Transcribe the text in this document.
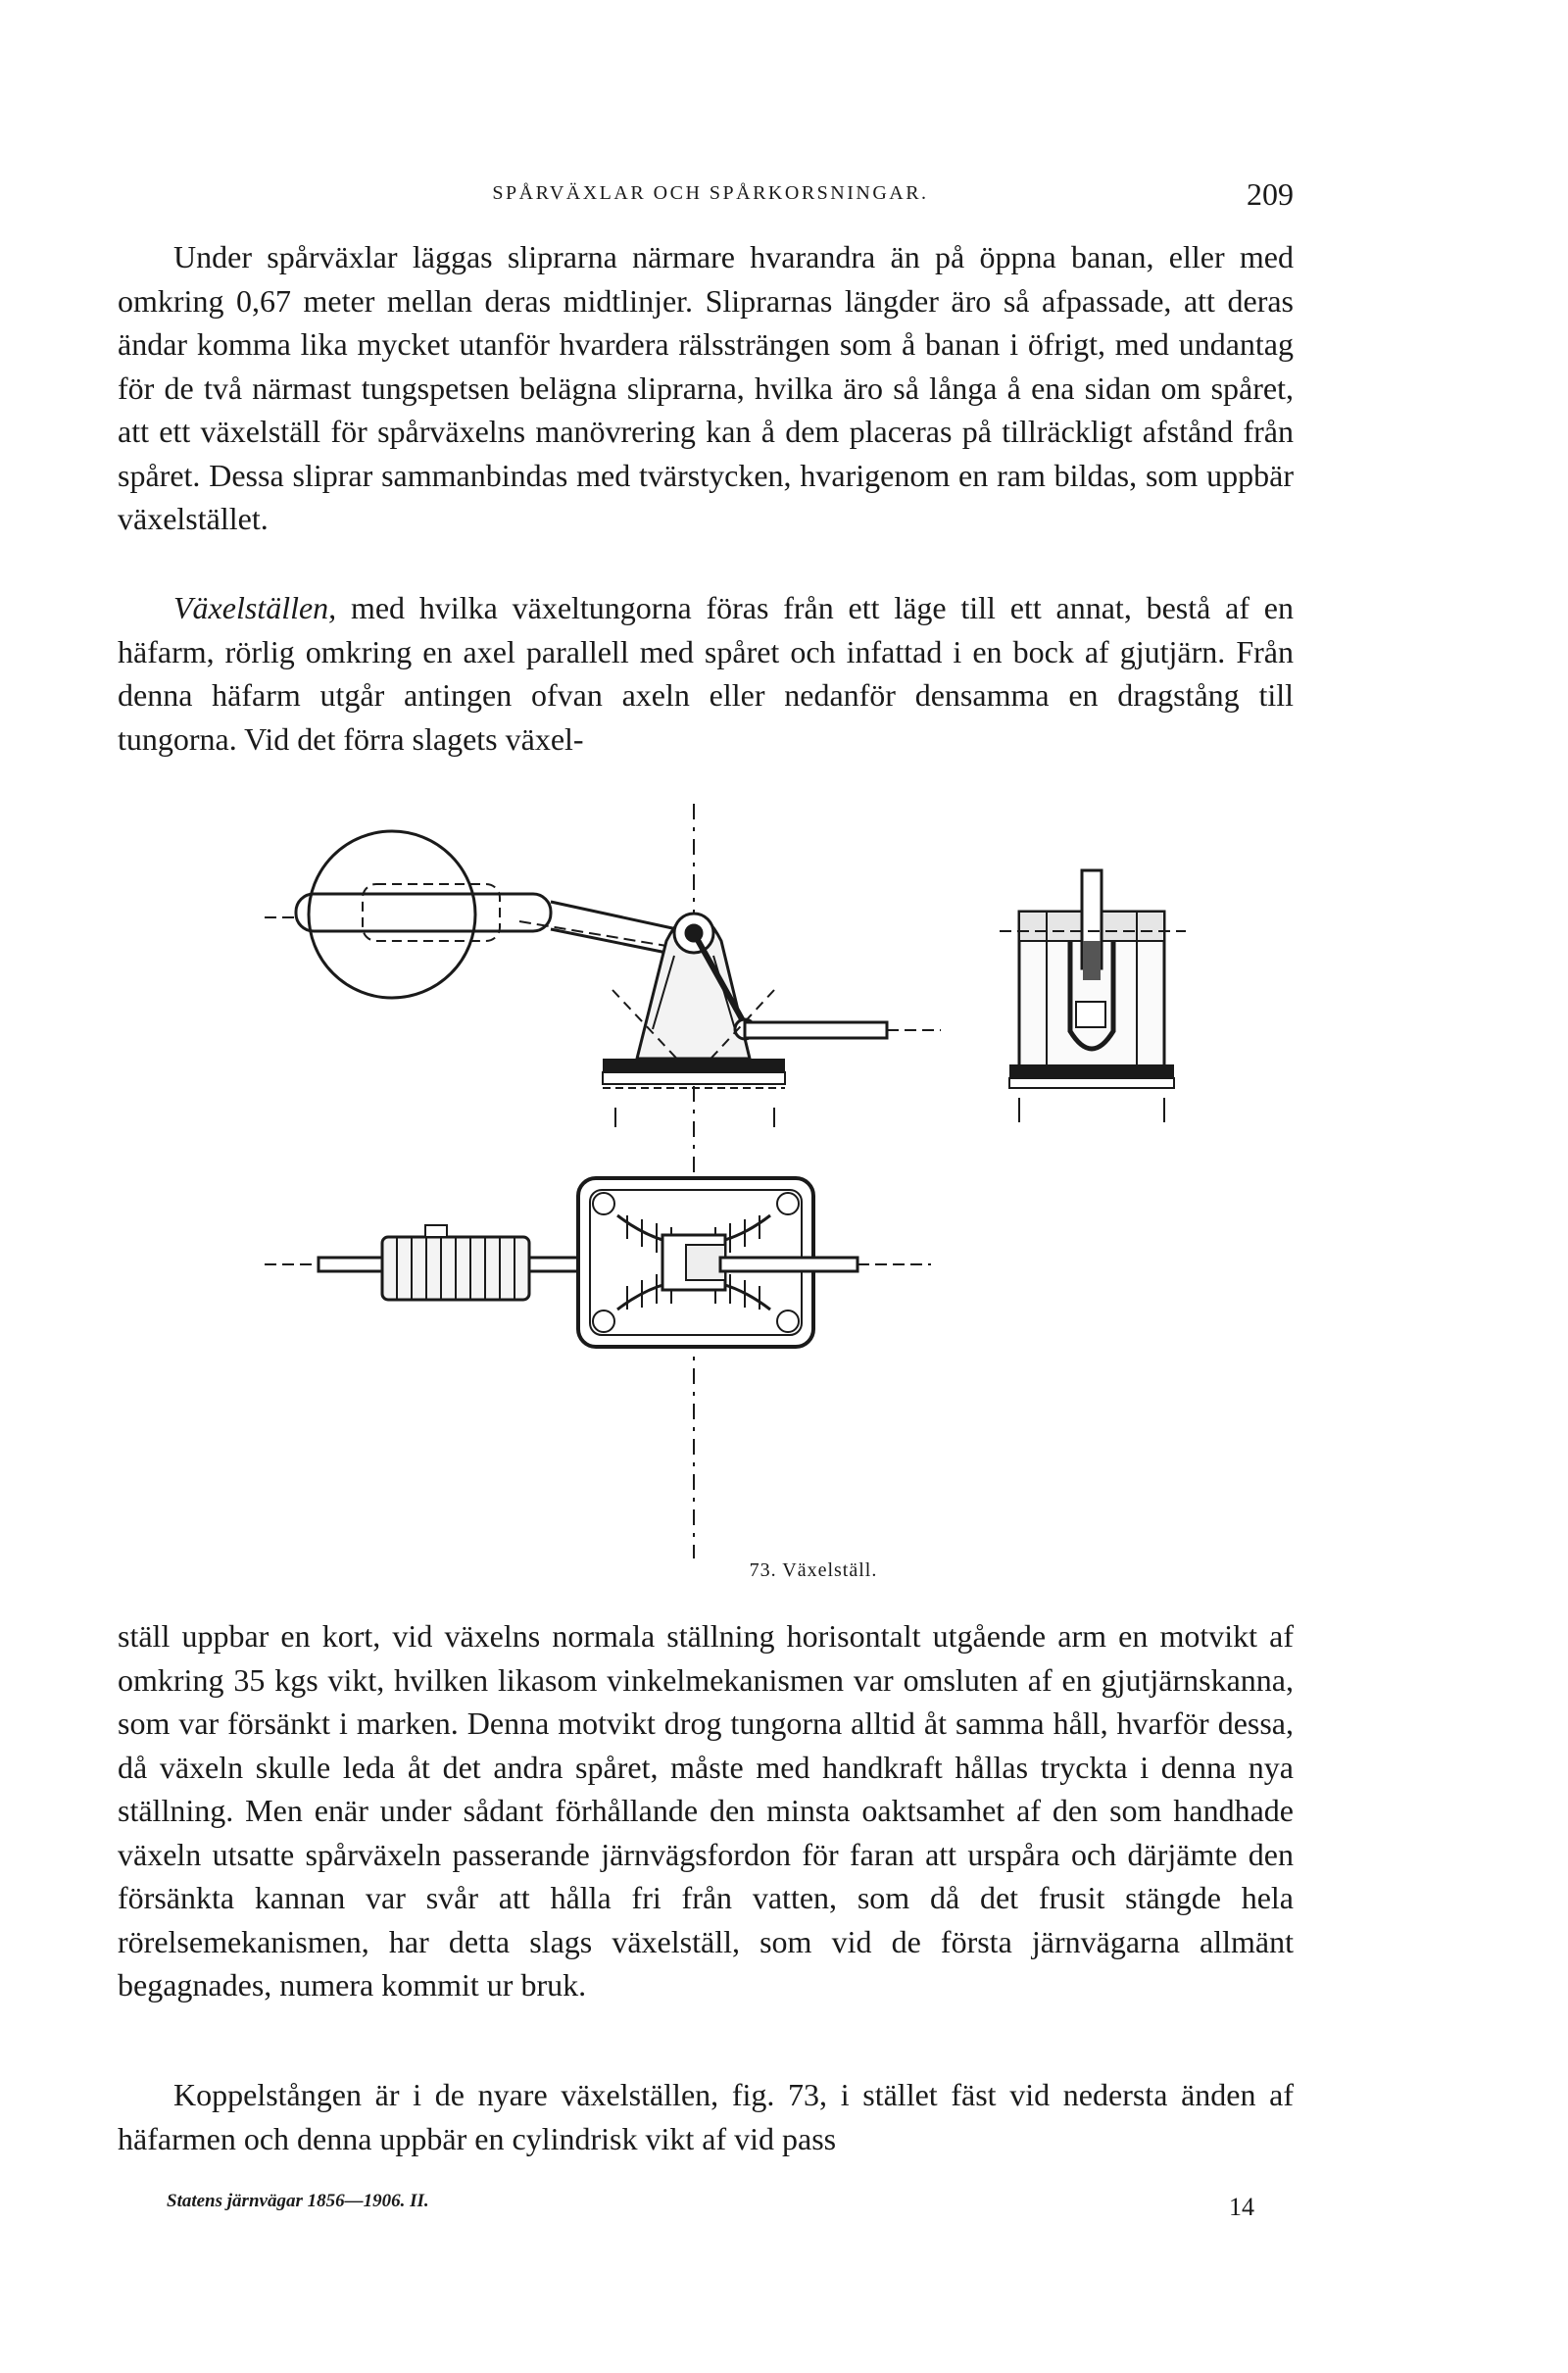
SPÅRVÄXLAR OCH SPÅRKORSNINGAR.	209

Under spårväxlar läggas sliprarna närmare hvarandra än på öppna banan, eller med omkring 0,67 meter mellan deras midtlinjer. Sliprarnas längder äro så afpassade, att deras ändar komma lika mycket utanför hvardera rälssträngen som å banan i öfrigt, med undantag för de två närmast tungspetsen belägna sliprarna, hvilka äro så långa å ena sidan om spåret, att ett växelställ för spårväxelns manövrering kan å dem placeras på tillräckligt afstånd från spåret. Dessa sliprar sammanbindas med tvärstycken, hvarigenom en ram bildas, som uppbär växelstället.

Växelställen, med hvilka växeltungorna föras från ett läge till ett annat, bestå af en häfarm, rörlig omkring en axel parallell med spåret och infattad i en bock af gjutjärn. Från denna häfarm utgår antingen ofvan axeln eller nedanför densamma en dragstång till tungorna. Vid det förra slagets växel-

73. Växelställ.

ställ uppbar en kort, vid växelns normala ställning horisontalt utgående arm en motvikt af omkring 35 kgs vikt, hvilken likasom vinkelmekanismen var omsluten af en gjutjärnskanna, som var försänkt i marken. Denna motvikt drog tungorna alltid åt samma håll, hvarför dessa, då växeln skulle leda åt det andra spåret, måste med handkraft hållas tryckta i denna nya ställning. Men enär under sådant förhållande den minsta oaktsamhet af den som handhade växeln utsatte spårväxeln passerande järnvägsfordon för faran att urspåra och därjämte den försänkta kannan var svår att hålla fri från vatten, som då det frusit stängde hela rörelsemekanismen, har detta slags växelställ, som vid de första järnvägarna allmänt begagnades, numera kommit ur bruk.

Koppelstången är i de nyare växelställen, fig. 73, i stället fäst vid nedersta änden af häfarmen och denna uppbär en cylindrisk vikt af vid pass

Statens järnvägar 1856—1906. II.	14
